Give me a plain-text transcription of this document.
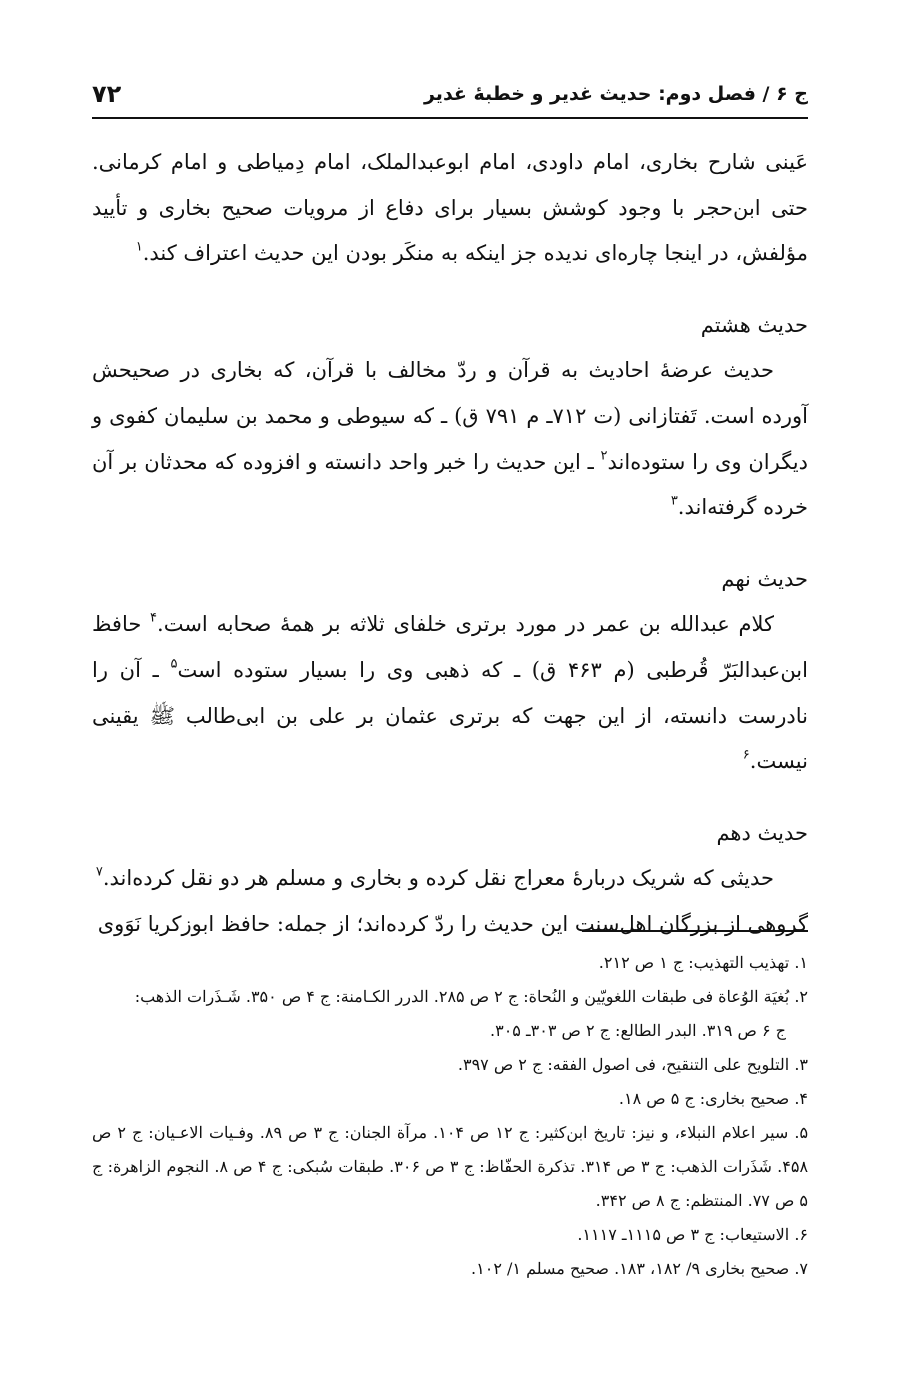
ج ۶ / فصل دوم: حدیث غدیر و خطبهٔ غدیر
۷۲

عَینی شارح بخاری، امام داودی، امام ابوعبدالملک، امام دِمیاطی و امام کرمانی. حتی ابن‌حجر با وجود کوشش بسیار برای دفاع از مرویات صحیح بخاری و تأیید مؤلفش، در اینجا چاره‌ای ندیده جز اینکه به منکَر بودن این حدیث اعتراف کند.$^۱$

حدیث هشتم

حدیث عرضهٔ احادیث به قرآن و ردّ مخالف با قرآن، که بخاری در صحیحش آورده است. تَفتازانی (ت ۷۱۲ـ م ۷۹۱ ق) ـ که سیوطی و محمد بن سلیمان کفوی و دیگران وی را ستوده‌اند$^۲$ ـ این حدیث را خبر واحد دانسته و افزوده که محدثان بر آن خرده گرفته‌اند.$^۳$

حدیث نهم

کلام عبدالله بن عمر در مورد برتری خلفای ثلاثه بر همهٔ صحابه است.$^۴$ حافظ ابن‌عبدالبَرّ قُرطبی (م ۴۶۳ ق) ـ که ذهبی وی را بسیار ستوده است$^۵$ ـ آن را نادرست دانسته، از این جهت که برتری عثمان بر علی بن ابی‌طالب ﷺ یقینی نیست.$^۶$

حدیث دهم

حدیثی که شریک دربارهٔ معراج نقل کرده و بخاری و مسلم هر دو نقل کرده‌اند.$^۷$

گروهی از بزرگان اهل‌سنت این حدیث را ردّ کرده‌اند؛ از جمله: حافظ ابوزکریا نَوَوی

۱. تهذیب التهذیب: ج ۱ ص ۲۱۲.

۲. بُغیَة الوُعاة فی طبقات اللغویّین و النُحاة: ج ۲ ص ۲۸۵. الدرر الکـامنة: ج ۴ ص ۳۵۰. شَـذَرات الذهب:
ج ۶ ص ۳۱۹. البدر الطالع: ج ۲ ص ۳۰۳ـ ۳۰۵.

۳. التلویح علی التنقیح، فی اصول الفقه: ج ۲ ص ۳۹۷.

۴. صحیح بخاری: ج ۵ ص ۱۸.

۵. سیر اعلام النبلاء، و نیز: تاریخ ابن‌کثیر: ج ۱۲ ص ۱۰۴. مرآة الجنان: ج ۳ ص ۸۹. وفـیات الاعـیان: ج ۲ ص ۴۵۸. شَذَرات الذهب: ج ۳ ص ۳۱۴. تذکرة الحفّاظ: ج ۳ ص ۳۰۶. طبقات سُبکی: ج ۴ ص ۸. النجوم الزاهرة: ج ۵ ص ۷۷. المنتظم: ج ۸ ص ۳۴۲.

۶. الاستیعاب: ج ۳ ص ۱۱۱۵ـ ۱۱۱۷.

۷. صحیح بخاری ۹/ ۱۸۲، ۱۸۳. صحیح مسلم ۱/ ۱۰۲.
